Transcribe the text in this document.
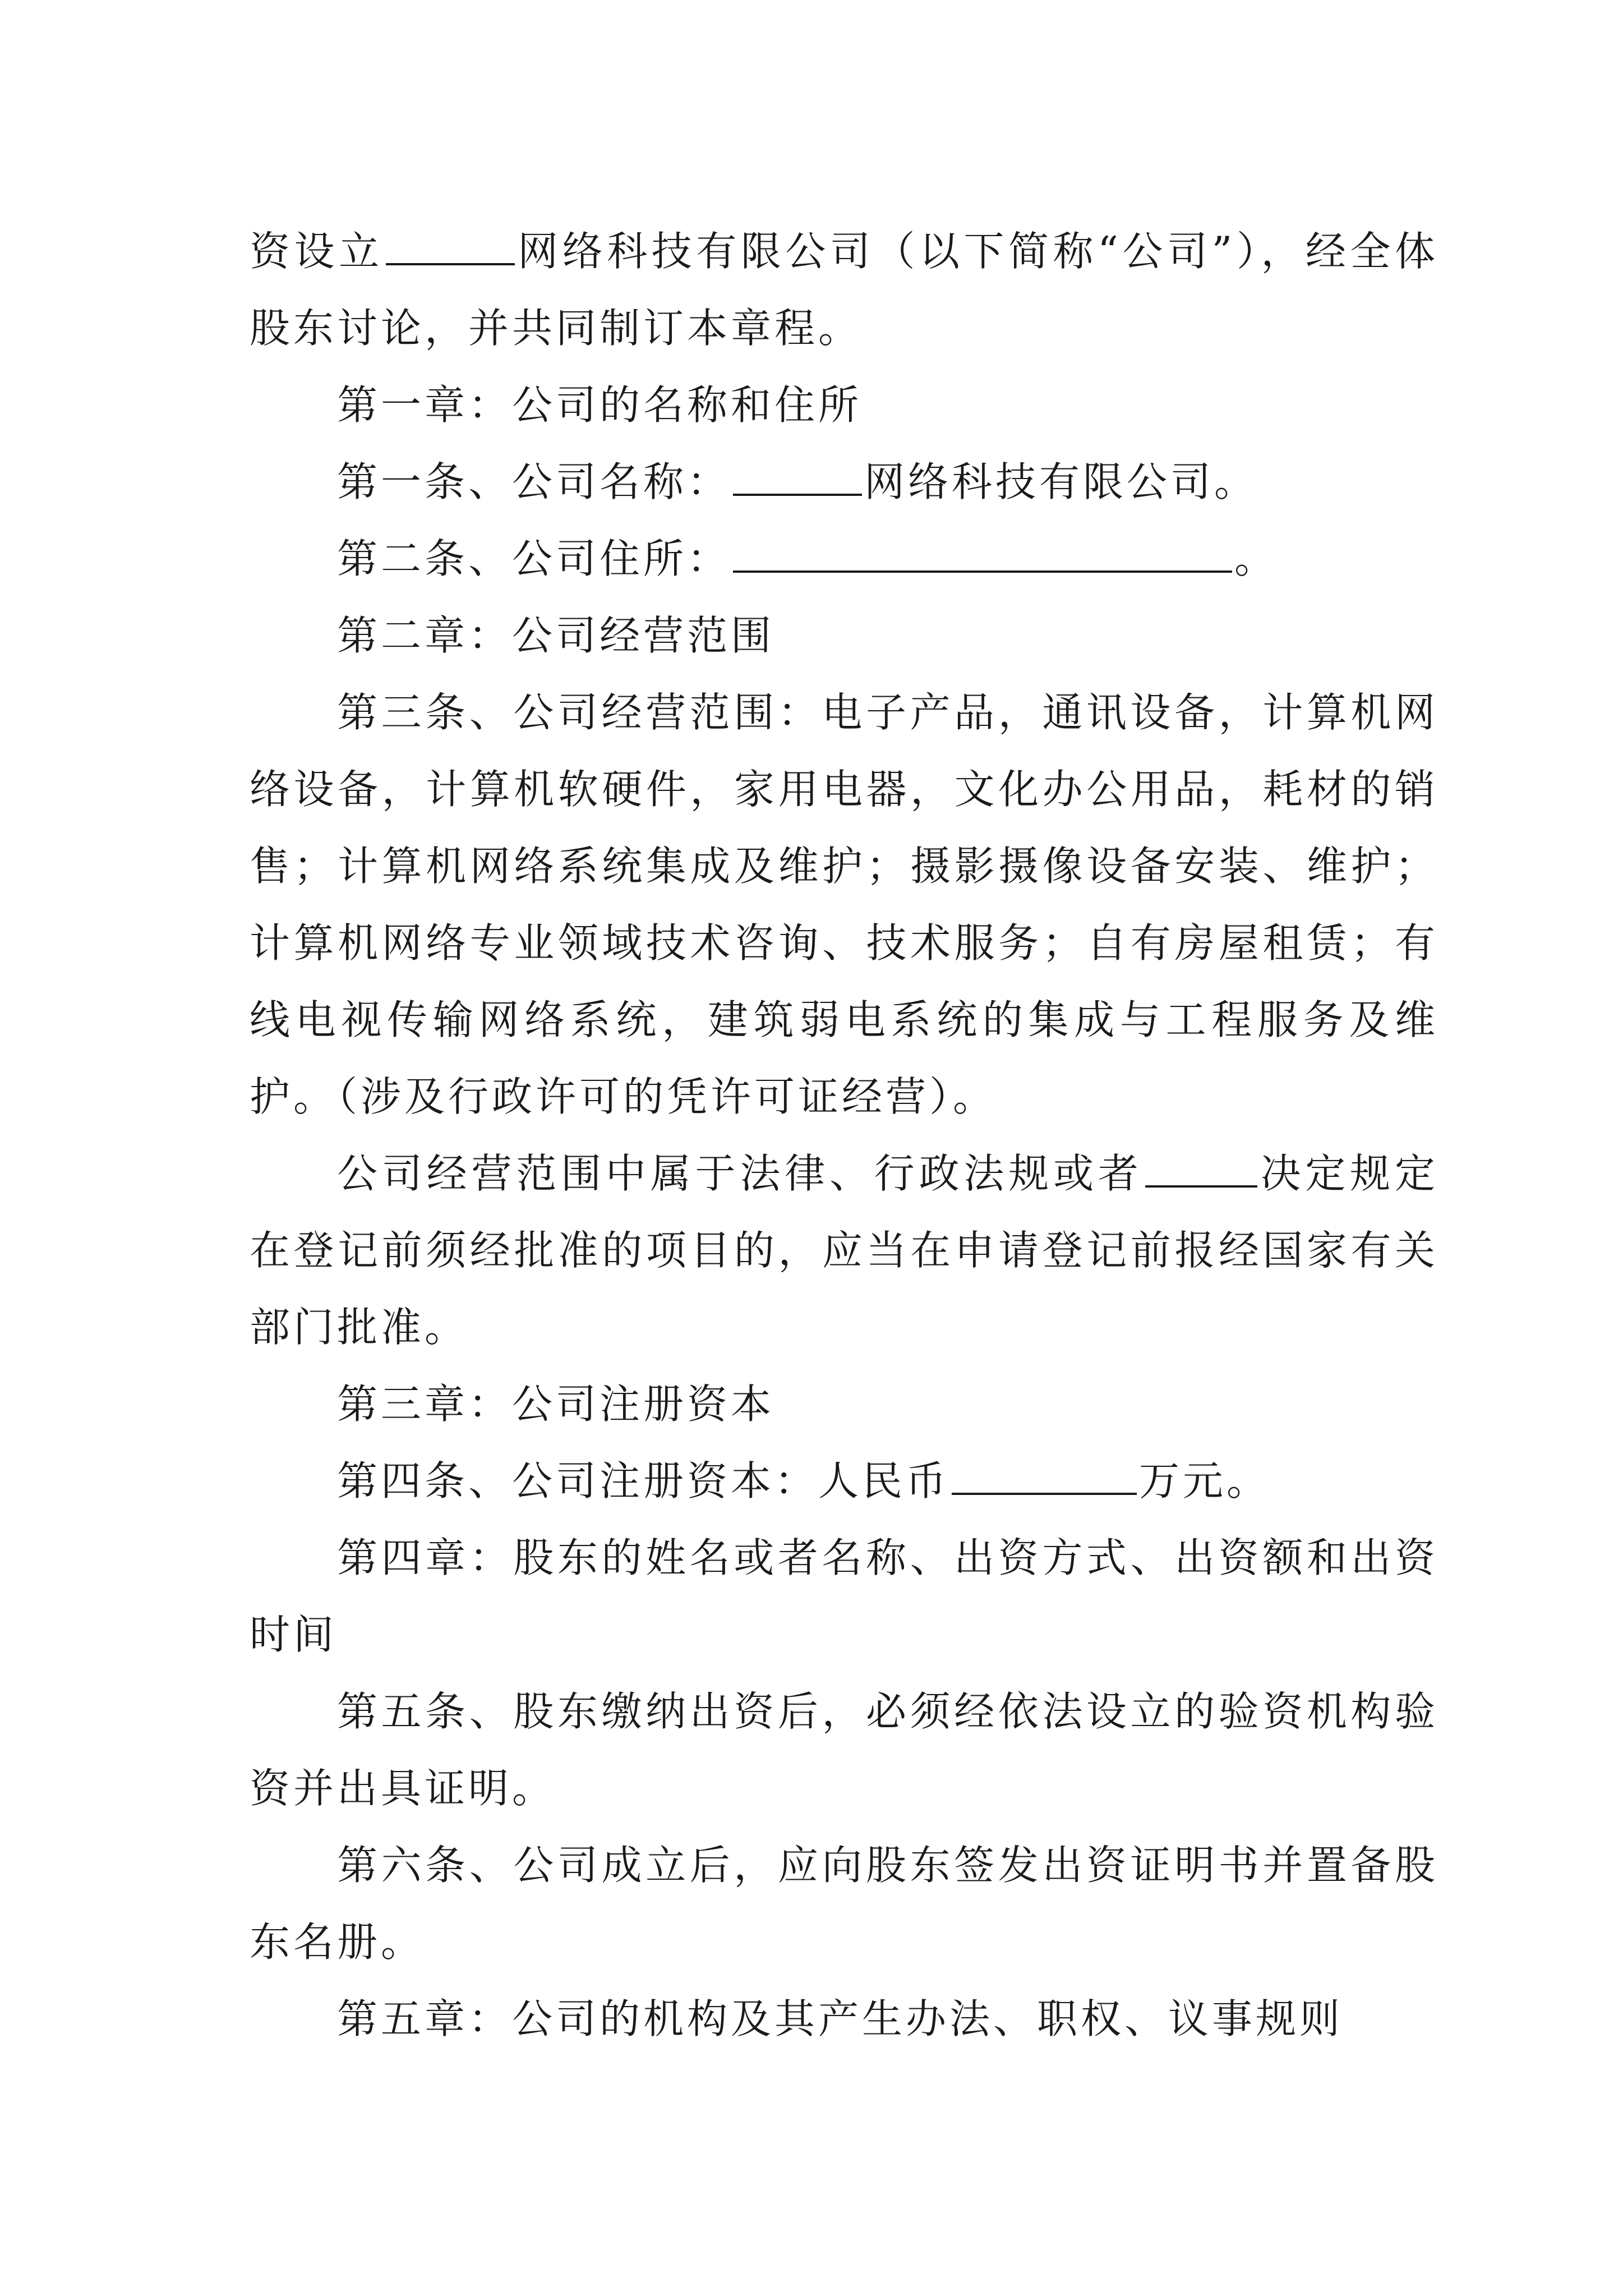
资设立	网络科技有限公司（以下简称“公司”），经全体股东讨论，并共同制订本章程。

第一章：公司的名称和住所

第一条、公司名称：	网络科技有限公司。

第二条、公司住所：	。

第二章：公司经营范围

第三条、公司经营范围：电子产品，通讯设备，计算机网络设备，计算机软硬件，家用电器，文化办公用品，耗材的销售；计算机网络系统集成及维护；摄影摄像设备安装、维护；计算机网络专业领域技术咨询、技术服务；自有房屋租赁；有线电视传输网络系统，建筑弱电系统的集成与工程服务及维护。（涉及行政许可的凭许可证经营）。

公司经营范围中属于法律、行政法规或者	决定规定在登记前须经批准的项目的，应当在申请登记前报经国家有关部门批准。

第三章：公司注册资本

第四条、公司注册资本：人民币	万元。

第四章：股东的姓名或者名称、出资方式、出资额和出资时间

第五条、股东缴纳出资后，必须经依法设立的验资机构验资并出具证明。

第六条、公司成立后，应向股东签发出资证明书并置备股东名册。

第五章：公司的机构及其产生办法、职权、议事规则
